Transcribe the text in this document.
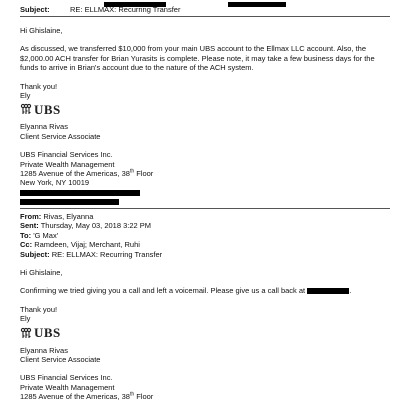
Subject:	RE: ELLMAX: Recurring Transfer

Hi Ghislaine,

As discussed, we transferred $10,000 from your main UBS account to the Ellmax LLC account. Also, the $2,000.00 ACH transfer for Brian Yurasits is complete. Please note, it may take a few business days for the funds to arrive in Brian's account due to the nature of the ACH system.

Thank you!

Ely

UBS

Elyanna Rivas

Client Service Associate

UBS Financial Services Inc.

Private Wealth Management

1285 Avenue of the Americas, 38th Floor

New York, NY 10019

From: Rivas, Elyanna

Sent: Thursday, May 03, 2018 3:22 PM

To: 'G Max'

Cc: Ramdeen, Vijaj; Merchant, Ruhi

Subject: RE: ELLMAX: Recurring Transfer

Hi Ghislaine,

Confirming we tried giving you a call and left a voicemail. Please give us a call back at	.

Thank you!

Ely

UBS

Elyanna Rivas

Client Service Associate

UBS Financial Services Inc.

Private Wealth Management

1285 Avenue of the Americas, 38th Floor
